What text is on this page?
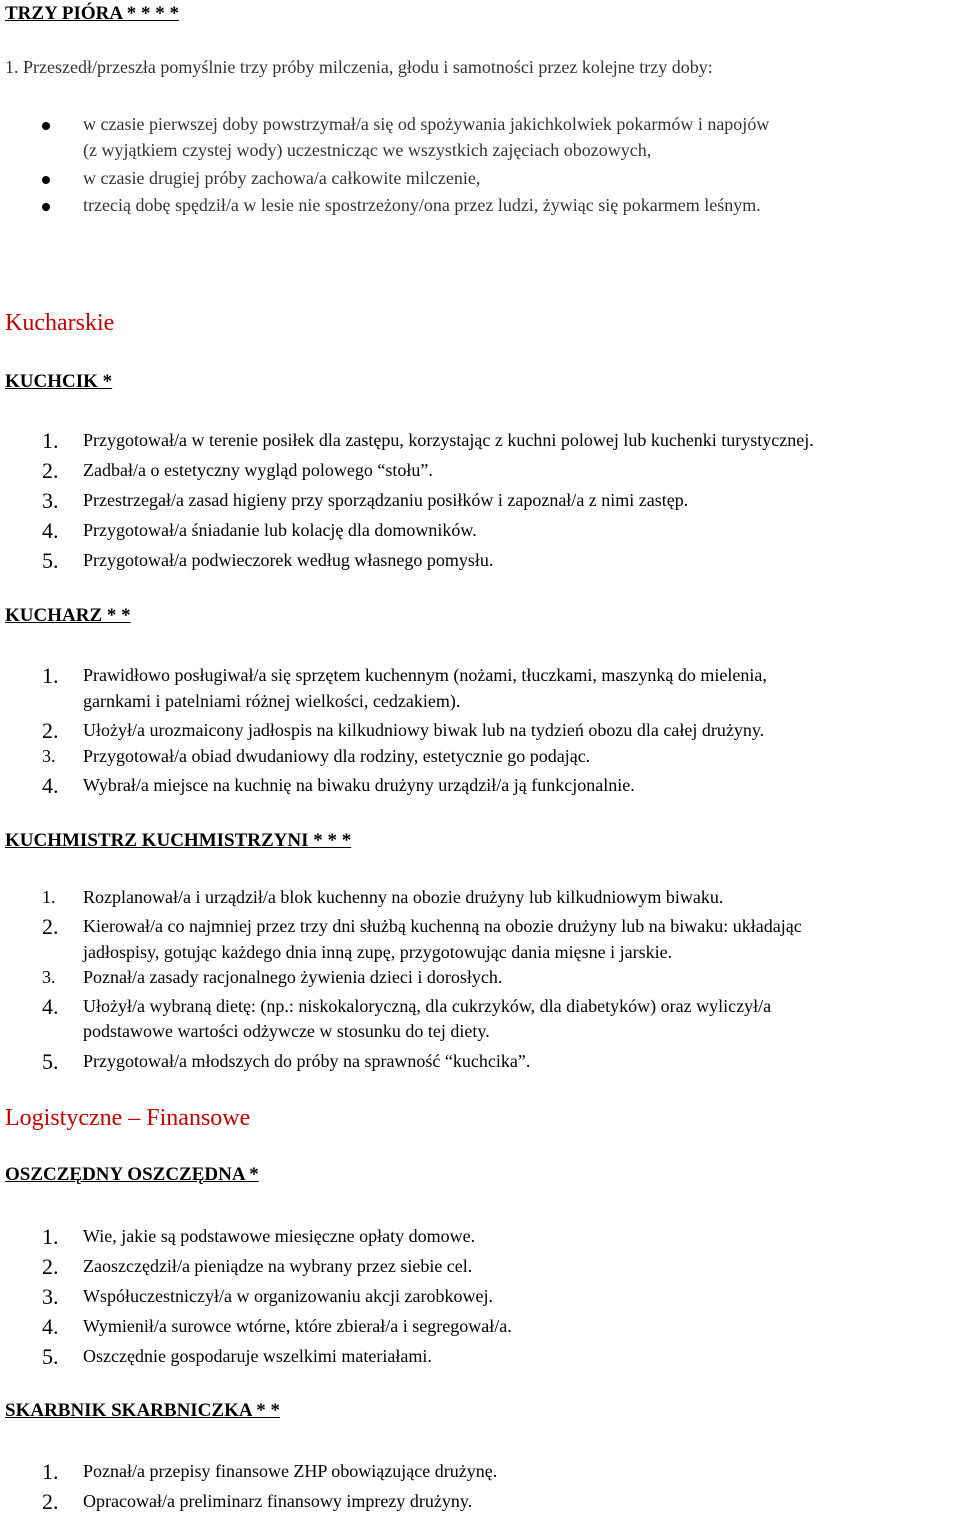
TRZY PIÓRA * * * *
1. Przeszedł/przeszła pomyślnie trzy próby milczenia, głodu i samotności przez kolejne trzy doby:
w czasie pierwszej doby powstrzymał/a się od spożywania jakichkolwiek pokarmów i napojów
(z wyjątkiem czystej wody) uczestnicząc we wszystkich zajęciach obozowych,
w czasie drugiej próby zachowa/a całkowite milczenie,
trzecią dobę spędził/a w lesie nie spostrzeżony/ona przez ludzi, żywiąc się pokarmem leśnym.
Kucharskie
KUCHCIK *
1. Przygotował/a w terenie posiłek dla zastępu, korzystając z kuchni polowej lub kuchenki turystycznej.
2. Zadbał/a o estetyczny wygląd polowego “stołu”.
3. Przestrzegał/a zasad higieny przy sporządzaniu posiłków i zapoznał/a z nimi zastęp.
4. Przygotował/a śniadanie lub kolację dla domowników.
5. Przygotował/a podwieczorek według własnego pomysłu.
KUCHARZ * *
1. Prawidłowo posługiwał/a się sprzętem kuchennym (nożami, tłuczkami, maszynką do mielenia,
garnkami i patelniami różnej wielkości, cedzakiem).
2. Ułożył/a urozmaicony jadłospis na kilkudniowy biwak lub na tydzień obozu dla całej drużyny.
3. Przygotował/a obiad dwudaniowy dla rodziny, estetycznie go podając.
4. Wybrał/a miejsce na kuchnię na biwaku drużyny urządził/a ją funkcjonalnie.
KUCHMISTRZ KUCHMISTRZYNI * * *
1. Rozplanował/a i urządził/a blok kuchenny na obozie drużyny lub kilkudniowym biwaku.
2. Kierował/a co najmniej przez trzy dni służbą kuchenną na obozie drużyny lub na biwaku: układając
jadłospisy, gotując każdego dnia inną zupę, przygotowując dania mięsne i jarskie.
3. Poznał/a zasady racjonalnego żywienia dzieci i dorosłych.
4. Ułożył/a wybraną dietę: (np.: niskokaloryczną, dla cukrzyków, dla diabetyków) oraz wyliczył/a
podstawowe wartości odżywcze w stosunku do tej diety.
5. Przygotował/a młodszych do próby na sprawność “kuchcika”.
Logistyczne – Finansowe
OSZCZĘDNY OSZCZĘDNA *
1. Wie, jakie są podstawowe miesięczne opłaty domowe.
2. Zaoszczędził/a pieniądze na wybrany przez siebie cel.
3. Współuczestniczył/a w organizowaniu akcji zarobkowej.
4. Wymienił/a surowce wtórne, które zbierał/a i segregował/a.
5. Oszczędnie gospodaruje wszelkimi materiałami.
SKARBNIK SKARBNICZKA * *
1. Poznał/a przepisy finansowe ZHP obowiązujące drużynę.
2. Opracował/a preliminarz finansowy imprezy drużyny.
